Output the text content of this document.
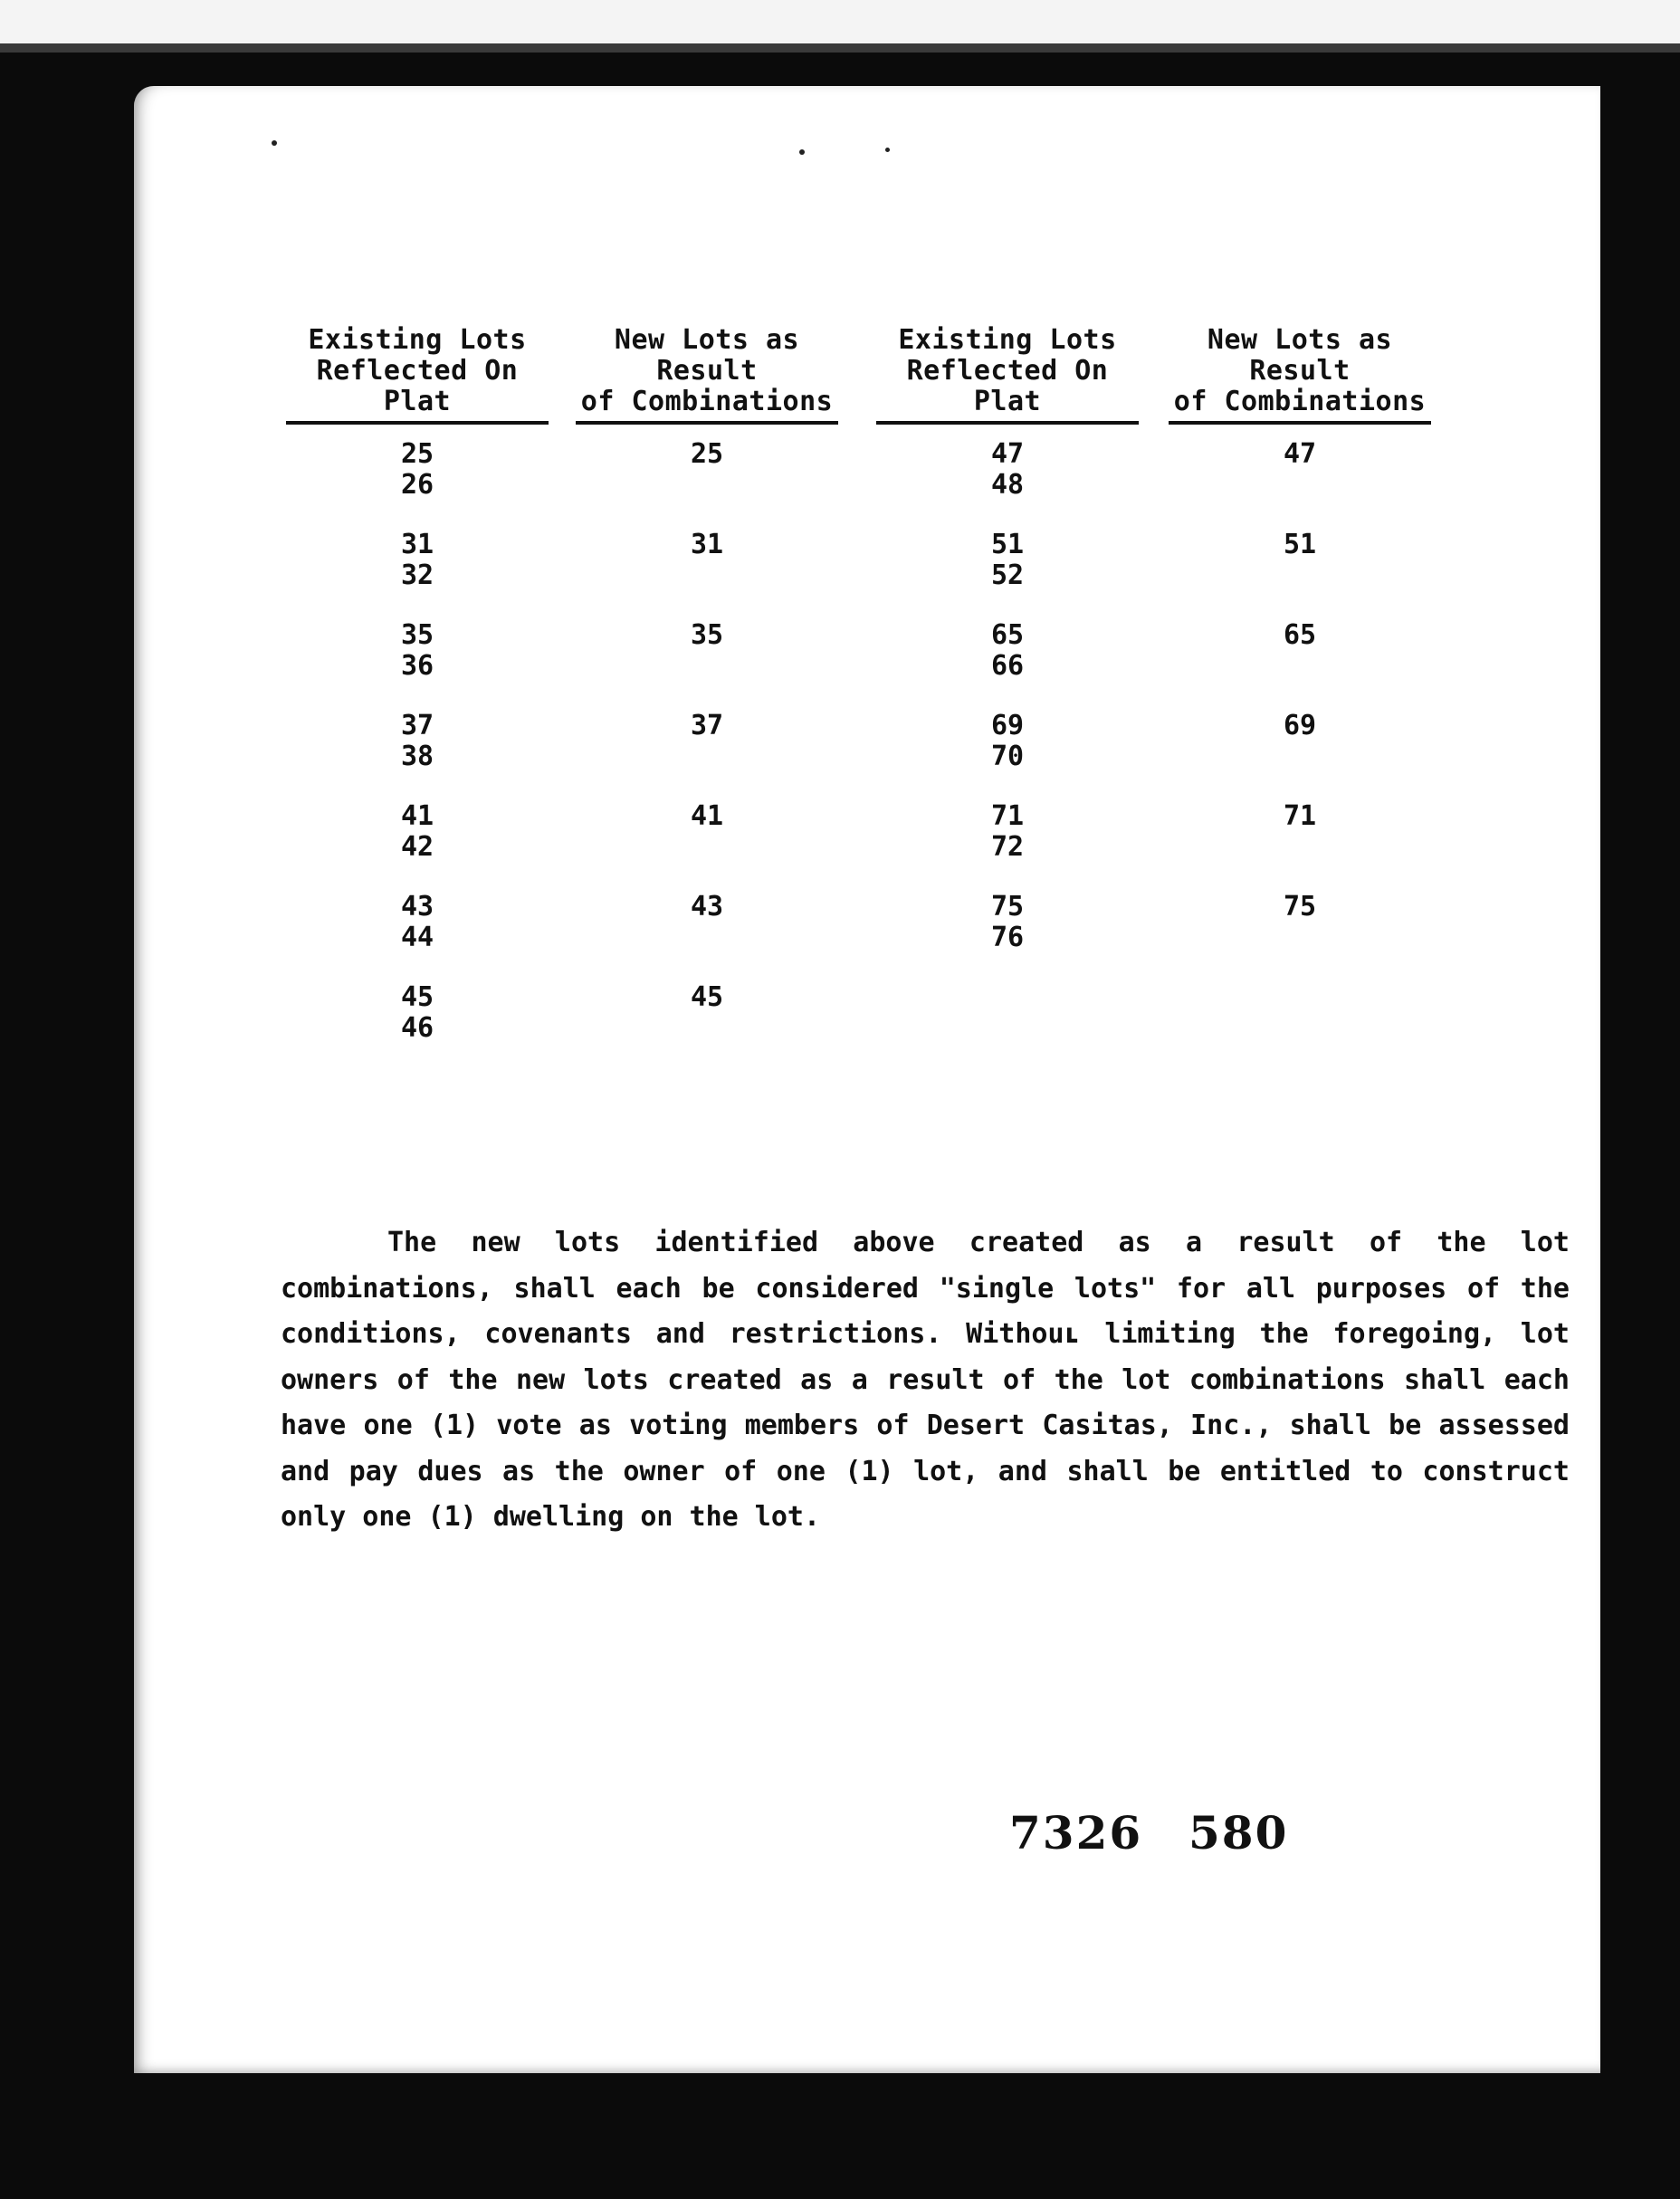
Existing Lots
Reflected On Plat
25
26
31
32
35
36
37
38
41
42
43
44
45
46
New Lots as Result
of Combinations
25
31
35
37
41
43
45
Existing Lots
Reflected On Plat
47
48
51
52
65
66
69
70
71
72
75
76
New Lots as Result
of Combinations
47
51
65
69
71
75

The new lots identified above created as a result of the lot combinations, shall each be considered "single lots" for all purposes of the conditions, covenants and restrictions. Withouʟ limiting the foregoing, lot owners of the new lots created as a result of the lot combinations shall each have one (1) vote as voting members of Desert Casitas, Inc., shall be assessed and pay dues as the owner of one (1) lot, and shall be entitled to construct only one (1) dwelling on the lot.

7326 580
